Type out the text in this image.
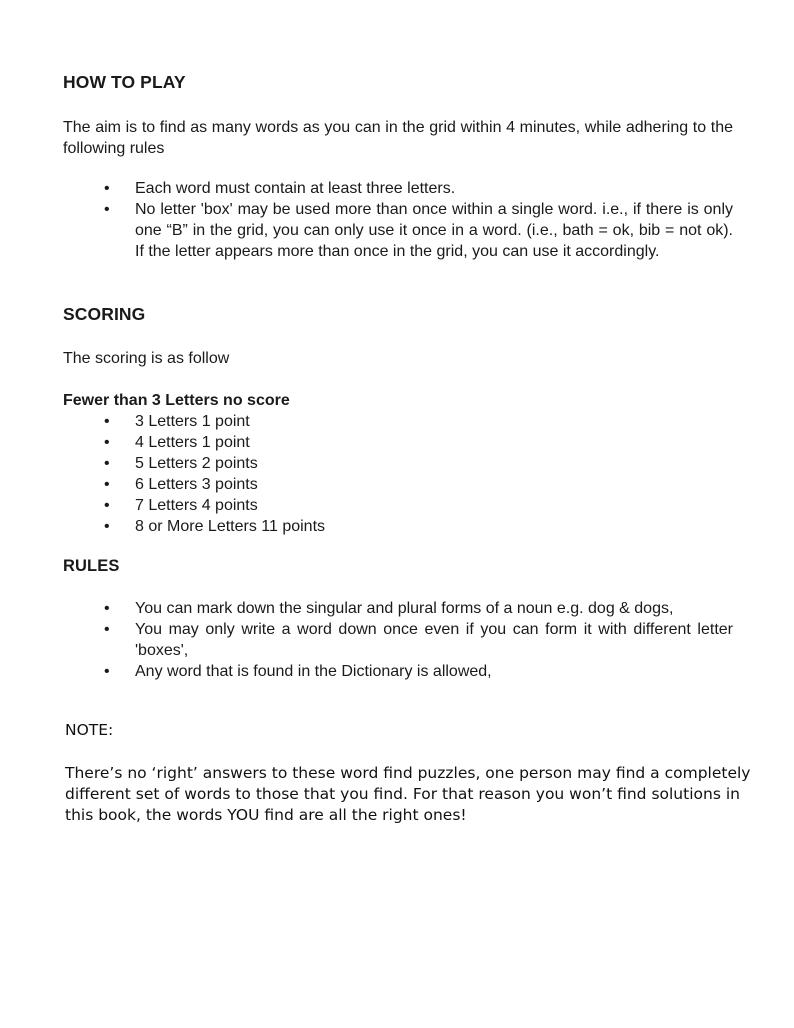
HOW TO PLAY

The aim is to find as many words as you can in the grid within 4 minutes, while adhering to the following rules

• Each word must contain at least three letters.
• No letter 'box' may be used more than once within a single word. i.e., if there is only one “B” in the grid, you can only use it once in a word. (i.e., bath = ok, bib = not ok). If the letter appears more than once in the grid, you can use it accordingly.
SCORING

The scoring is as follow

Fewer than 3 Letters no score

• 3 Letters 1 point
• 4 Letters 1 point
• 5 Letters 2 points
• 6 Letters 3 points
• 7 Letters 4 points
• 8 or More Letters 11 points
RULES
• You can mark down the singular and plural forms of a noun e.g. dog & dogs,
• You may only write a word down once even if you can form it with different letter 'boxes',
• Any word that is found in the Dictionary is allowed,

NOTE:

There’s no ‘right’ answers to these word find puzzles, one person may find a completely different set of words to those that you find. For that reason you won’t find solutions in this book, the words YOU find are all the right ones!
